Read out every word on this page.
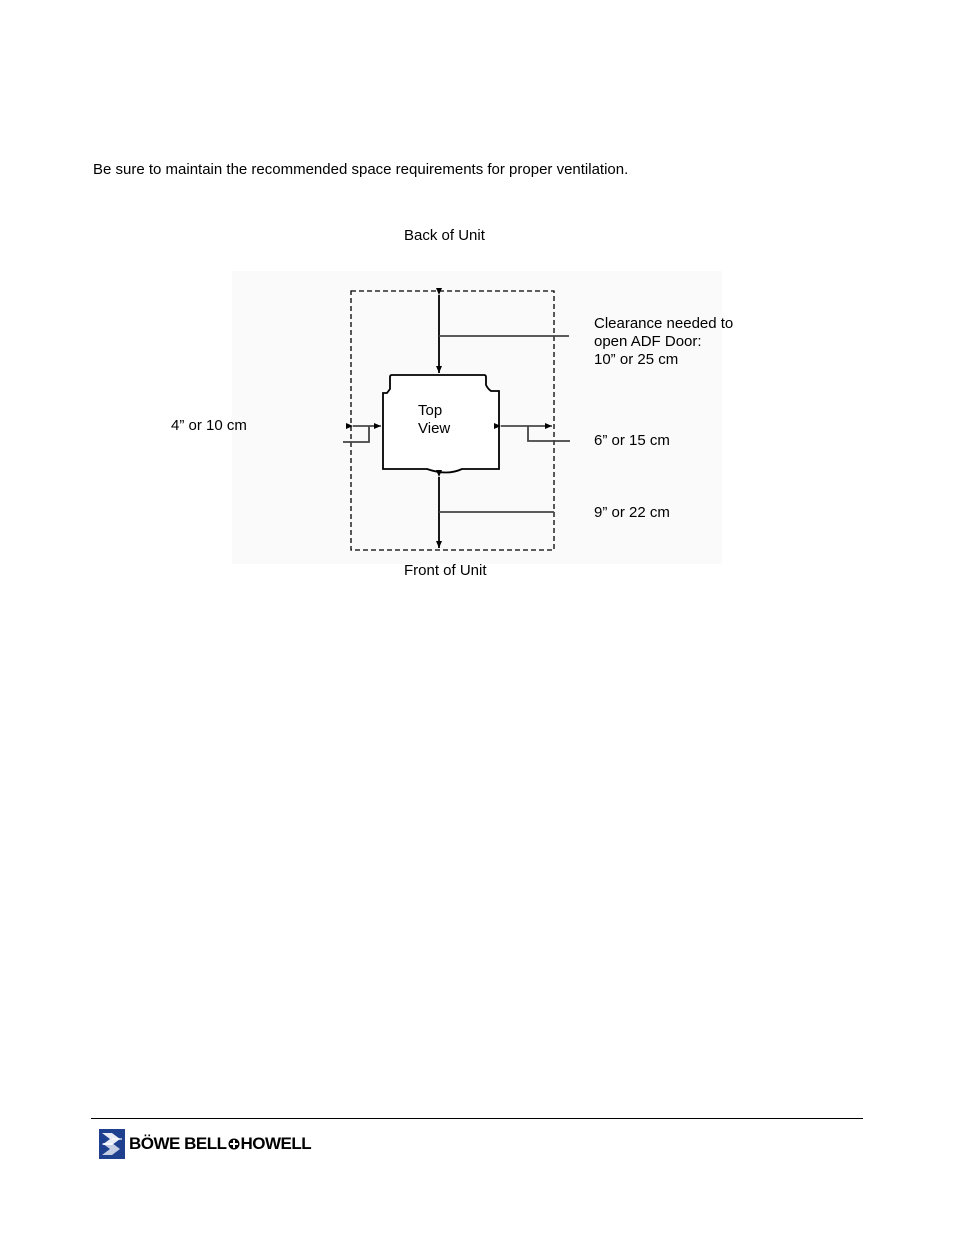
Be sure to maintain the recommended space requirements for proper ventilation.

Back of Unit

Top

View

Clearance needed to

open ADF Door:

10” or 25 cm

4” or 10 cm

6” or 15 cm

9” or 22 cm

Front of Unit

BÖWE BELL HOWELL
